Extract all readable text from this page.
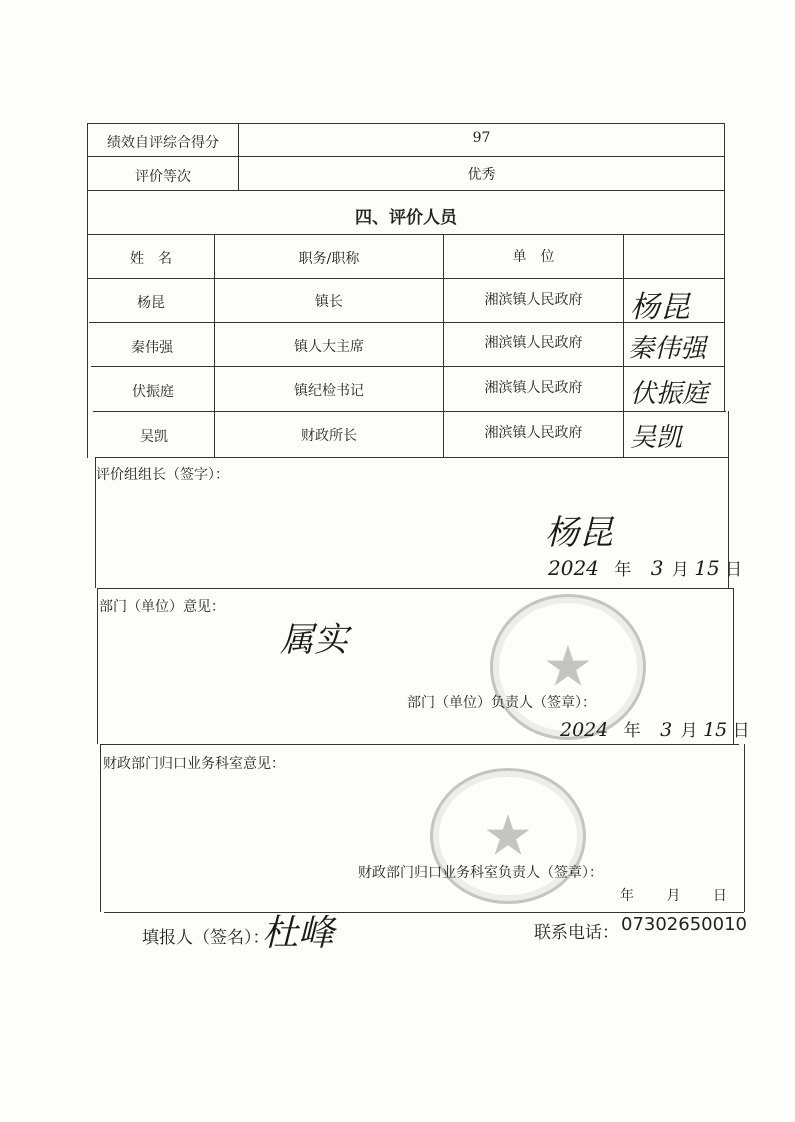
绩效自评综合得分	97
评价等次	优秀
四、评价人员
姓　名	职务/职称	单　位
杨昆	镇长	湘滨镇人民政府	杨昆
秦伟强	镇人大主席	湘滨镇人民政府	秦伟强
伏振庭	镇纪检书记	湘滨镇人民政府	伏振庭
吴凯	财政所长	湘滨镇人民政府	吴凯
评价组组长（签字）：
杨昆
2024 年 3 月 15 日
部门（单位）意见：
属实	★
部门（单位）负责人（签章）：
2024 年 3 月 15 日
财政部门归口业务科室意见：
★
财政部门归口业务科室负责人（签章）：
年 月 日
填报人（签名）：
杜峰	联系电话： 07302650010
